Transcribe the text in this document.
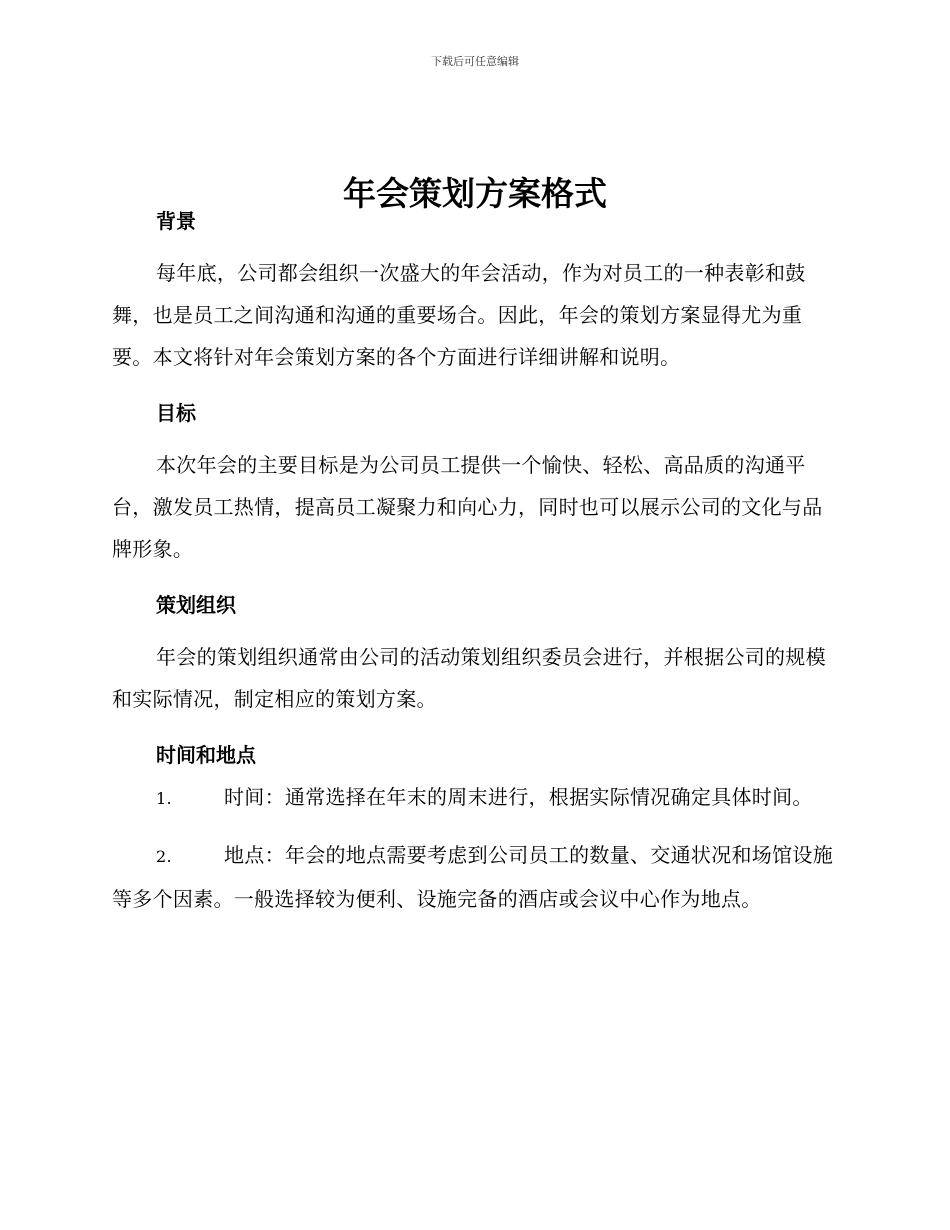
下载后可任意编辑
年会策划方案格式
背景

每年底，公司都会组织一次盛大的年会活动，作为对员工的一种表彰和鼓舞，也是员工之间沟通和沟通的重要场合。因此，年会的策划方案显得尤为重要。本文将针对年会策划方案的各个方面进行详细讲解和说明。

目标

本次年会的主要目标是为公司员工提供一个愉快、轻松、高品质的沟通平台，激发员工热情，提高员工凝聚力和向心力，同时也可以展示公司的文化与品牌形象。

策划组织

年会的策划组织通常由公司的活动策划组织委员会进行，并根据公司的规模和实际情况，制定相应的策划方案。

时间和地点

1.	时间：通常选择在年末的周末进行，根据实际情况确定具体时间。

2.	地点：年会的地点需要考虑到公司员工的数量、交通状况和场馆设施等多个因素。一般选择较为便利、设施完备的酒店或会议中心作为地点。
